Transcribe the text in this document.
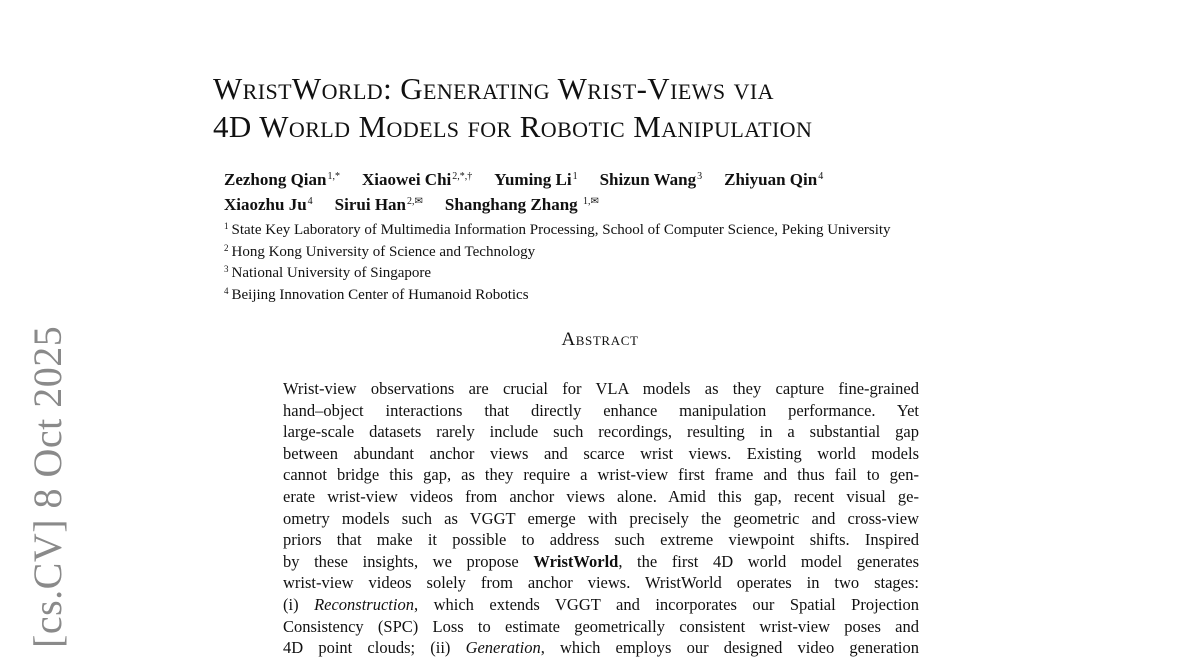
[cs.CV] 8 Oct 2025
WristWorld: Generating Wrist-Views via
4D World Models for Robotic Manipulation
Zezhong Qian$^{1,*}$ Xiaowei Chi$^{2,*,\dagger}$ Yuming Li$^1$ Shizun Wang$^3$ Zhiyuan Qin$^4$
Xiaozhu Ju$^4$ Sirui Han$^{2,✉}$ Shanghang Zhang $^{1,✉}$
$^1$ State Key Laboratory of Multimedia Information Processing, School of Computer Science, Peking University
$^2$ Hong Kong University of Science and Technology
$^3$ National University of Singapore
$^4$ Beijing Innovation Center of Humanoid Robotics
Abstract
Wrist-view observations are crucial for VLA models as they capture fine-grained
hand–object interactions that directly enhance manipulation performance. Yet
large-scale datasets rarely include such recordings, resulting in a substantial gap
between abundant anchor views and scarce wrist views. Existing world models
cannot bridge this gap, as they require a wrist-view first frame and thus fail to gen-
erate wrist-view videos from anchor views alone. Amid this gap, recent visual ge-
ometry models such as VGGT emerge with precisely the geometric and cross-view
priors that make it possible to address such extreme viewpoint shifts. Inspired
by these insights, we propose WristWorld, the first 4D world model generates
wrist-view videos solely from anchor views. WristWorld operates in two stages:
(i) Reconstruction, which extends VGGT and incorporates our Spatial Projection
Consistency (SPC) Loss to estimate geometrically consistent wrist-view poses and
4D point clouds; (ii) Generation, which employs our designed video generation
